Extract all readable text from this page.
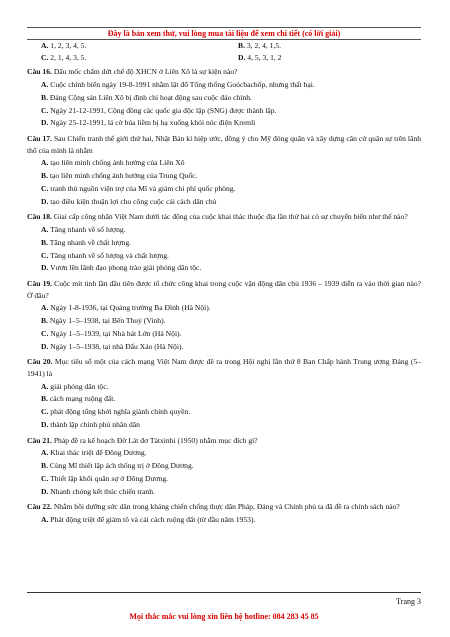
Đây là bản xem thử, vui lòng mua tài liệu để xem chi tiết (có lời giải)
A. 1, 2, 3, 4, 5.	B. 3, 2, 4, 1,5.
C. 2, 1, 4, 3, 5.	D. 4, 5, 3, 1, 2
Câu 16. Dấu mốc chấm dứt chế độ XHCN ở Liên Xô là sự kiện nào?
A. Cuộc chính biến ngày 19-8-1991 nhằm lật đổ Tổng thống Goócbachốp, nhưng thất bại.
B. Đảng Cộng sản Liên Xô bị đình chỉ hoạt động sau cuộc đảo chính.
C. Ngày 21-12-1991, Cộng đồng các quốc gia độc lập (SNG) được thành lập.
D. Ngày 25-12-1991, lá cờ búa liềm bị hạ xuống khỏi nóc điện Kremli
Câu 17. Sau Chiến tranh thế giới thứ hai, Nhật Bản kí hiệp ước, đồng ý cho Mỹ đóng quân và xây dựng căn cứ quân sự trên lãnh thổ của mình là nhằm
A. tạo liên minh chống ảnh hưởng của Liên Xô
B. tạo liên minh chống ảnh hưởng của Trung Quốc.
C. tranh thủ nguồn viện trợ của Mĩ và giảm chi phí quốc phòng.
D. tạo điều kiện thuận lợi cho công cuộc cải cách dân chủ
Câu 18. Giai cấp công nhân Việt Nam dưới tác động của cuộc khai thác thuộc địa lần thứ hai có sự chuyển biến như thế nào?
A. Tăng nhanh về số lượng.
B. Tăng nhanh về chất lượng.
C. Tăng nhanh về số lượng và chất lượng.
D. Vươn lên lãnh đạo phong trào giải phóng dân tộc.
Câu 19. Cuộc mít tinh lần đầu tiên được tổ chức công khai trong cuộc vận động dân chủ 1936 – 1939 diễn ra vào thời gian nào? Ở đâu?
A. Ngày 1-8-1936, tại Quảng trường Ba Đình (Hà Nội).
B. Ngày 1–5–1938, tại Bến Thuỷ (Vinh).
C. Ngày 1–5–1939, tại Nhà hát Lớn (Hà Nội).
D. Ngày 1–5–1938, tại nhà Đấu Xảo (Hà Nội).
Câu 20. Mục tiêu số một của cách mạng Việt Nam được đề ra trong Hội nghị lần thứ 8 Ban Chấp hành Trung ương Đảng (5–1941) là
A. giải phóng dân tộc.
B. cách mạng ruộng đất.
C. phát động tổng khởi nghĩa giành chính quyền.
D. thành lập chính phủ nhân dân
Câu 21. Pháp đề ra kế hoạch Đờ Lát đơ Tátxinhi (1950) nhằm mục đích gì?
A. Khai thác triệt để Đông Dương.
B. Cùng Mĩ thiết lập ách thống trị ở Đông Dương.
C. Thiết lập khối quân sự ở Đông Dương.
D. Nhanh chóng kết thúc chiến tranh.
Câu 22. Nhằm bồi dưỡng sức dân trong kháng chiến chống thực dân Pháp, Đảng và Chính phủ ta đã đề ra chính sách nào?
A. Phát động triệt để giảm tô và cải cách ruộng đất (từ đầu năm 1953).
Trang 3
Mọi thắc mắc vui lòng xin liên hệ hotline: 084 283 45 85
